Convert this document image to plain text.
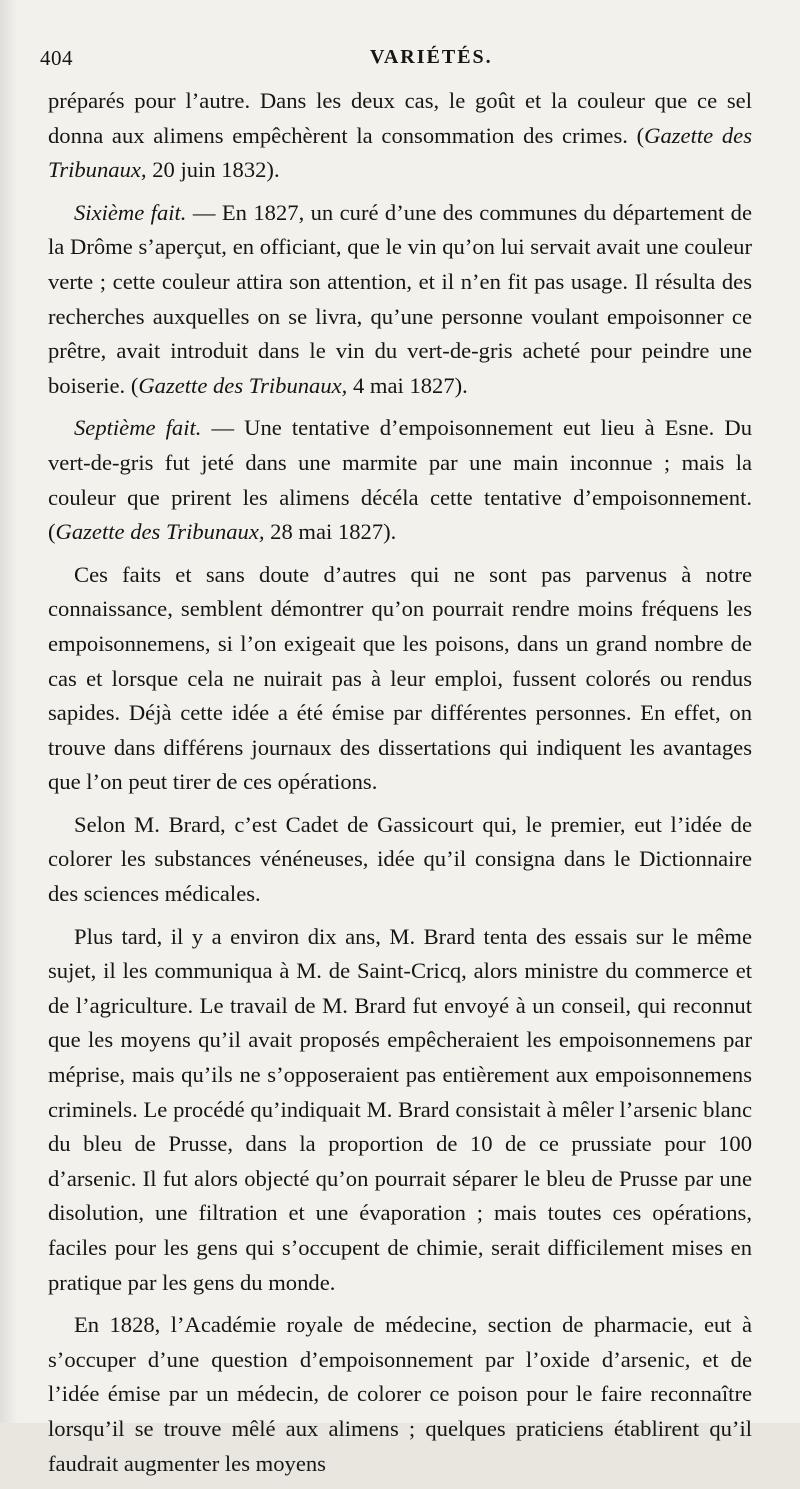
404	VARIÉTÉS.

préparés pour l’autre. Dans les deux cas, le goût et la couleur que ce sel donna aux alimens empêchèrent la consommation des crimes. (Gazette des Tribunaux, 20 juin 1832).

Sixième fait. — En 1827, un curé d’une des communes du département de la Drôme s’aperçut, en officiant, que le vin qu’on lui servait avait une couleur verte ; cette couleur attira son attention, et il n’en fit pas usage. Il résulta des recherches auxquelles on se livra, qu’une personne voulant empoisonner ce prêtre, avait introduit dans le vin du vert-de-gris acheté pour peindre une boiserie. (Gazette des Tribunaux, 4 mai 1827).

Septième fait. — Une tentative d’empoisonnement eut lieu à Esne. Du vert-de-gris fut jeté dans une marmite par une main inconnue ; mais la couleur que prirent les alimens décéla cette tentative d’empoisonnement. (Gazette des Tribunaux, 28 mai 1827).

Ces faits et sans doute d’autres qui ne sont pas parvenus à notre connaissance, semblent démontrer qu’on pourrait rendre moins fréquens les empoisonnemens, si l’on exigeait que les poisons, dans un grand nombre de cas et lorsque cela ne nuirait pas à leur emploi, fussent colorés ou rendus sapides. Déjà cette idée a été émise par différentes personnes. En effet, on trouve dans différens journaux des dissertations qui indiquent les avantages que l’on peut tirer de ces opérations.

Selon M. Brard, c’est Cadet de Gassicourt qui, le premier, eut l’idée de colorer les substances vénéneuses, idée qu’il consigna dans le Dictionnaire des sciences médicales.

Plus tard, il y a environ dix ans, M. Brard tenta des essais sur le même sujet, il les communiqua à M. de Saint-Cricq, alors ministre du commerce et de l’agriculture. Le travail de M. Brard fut envoyé à un conseil, qui reconnut que les moyens qu’il avait proposés empêcheraient les empoisonnemens par méprise, mais qu’ils ne s’opposeraient pas entièrement aux empoisonnemens criminels. Le procédé qu’indiquait M. Brard consistait à mêler l’arsenic blanc du bleu de Prusse, dans la proportion de 10 de ce prussiate pour 100 d’arsenic. Il fut alors objecté qu’on pourrait séparer le bleu de Prusse par une disolution, une filtration et une évaporation ; mais toutes ces opérations, faciles pour les gens qui s’occupent de chimie, serait difficilement mises en pratique par les gens du monde.

En 1828, l’Académie royale de médecine, section de pharmacie, eut à s’occuper d’une question d’empoisonnement par l’oxide d’arsenic, et de l’idée émise par un médecin, de colorer ce poison pour le faire reconnaître lorsqu’il se trouve mêlé aux alimens ; quelques praticiens établirent qu’il faudrait augmenter les moyens
